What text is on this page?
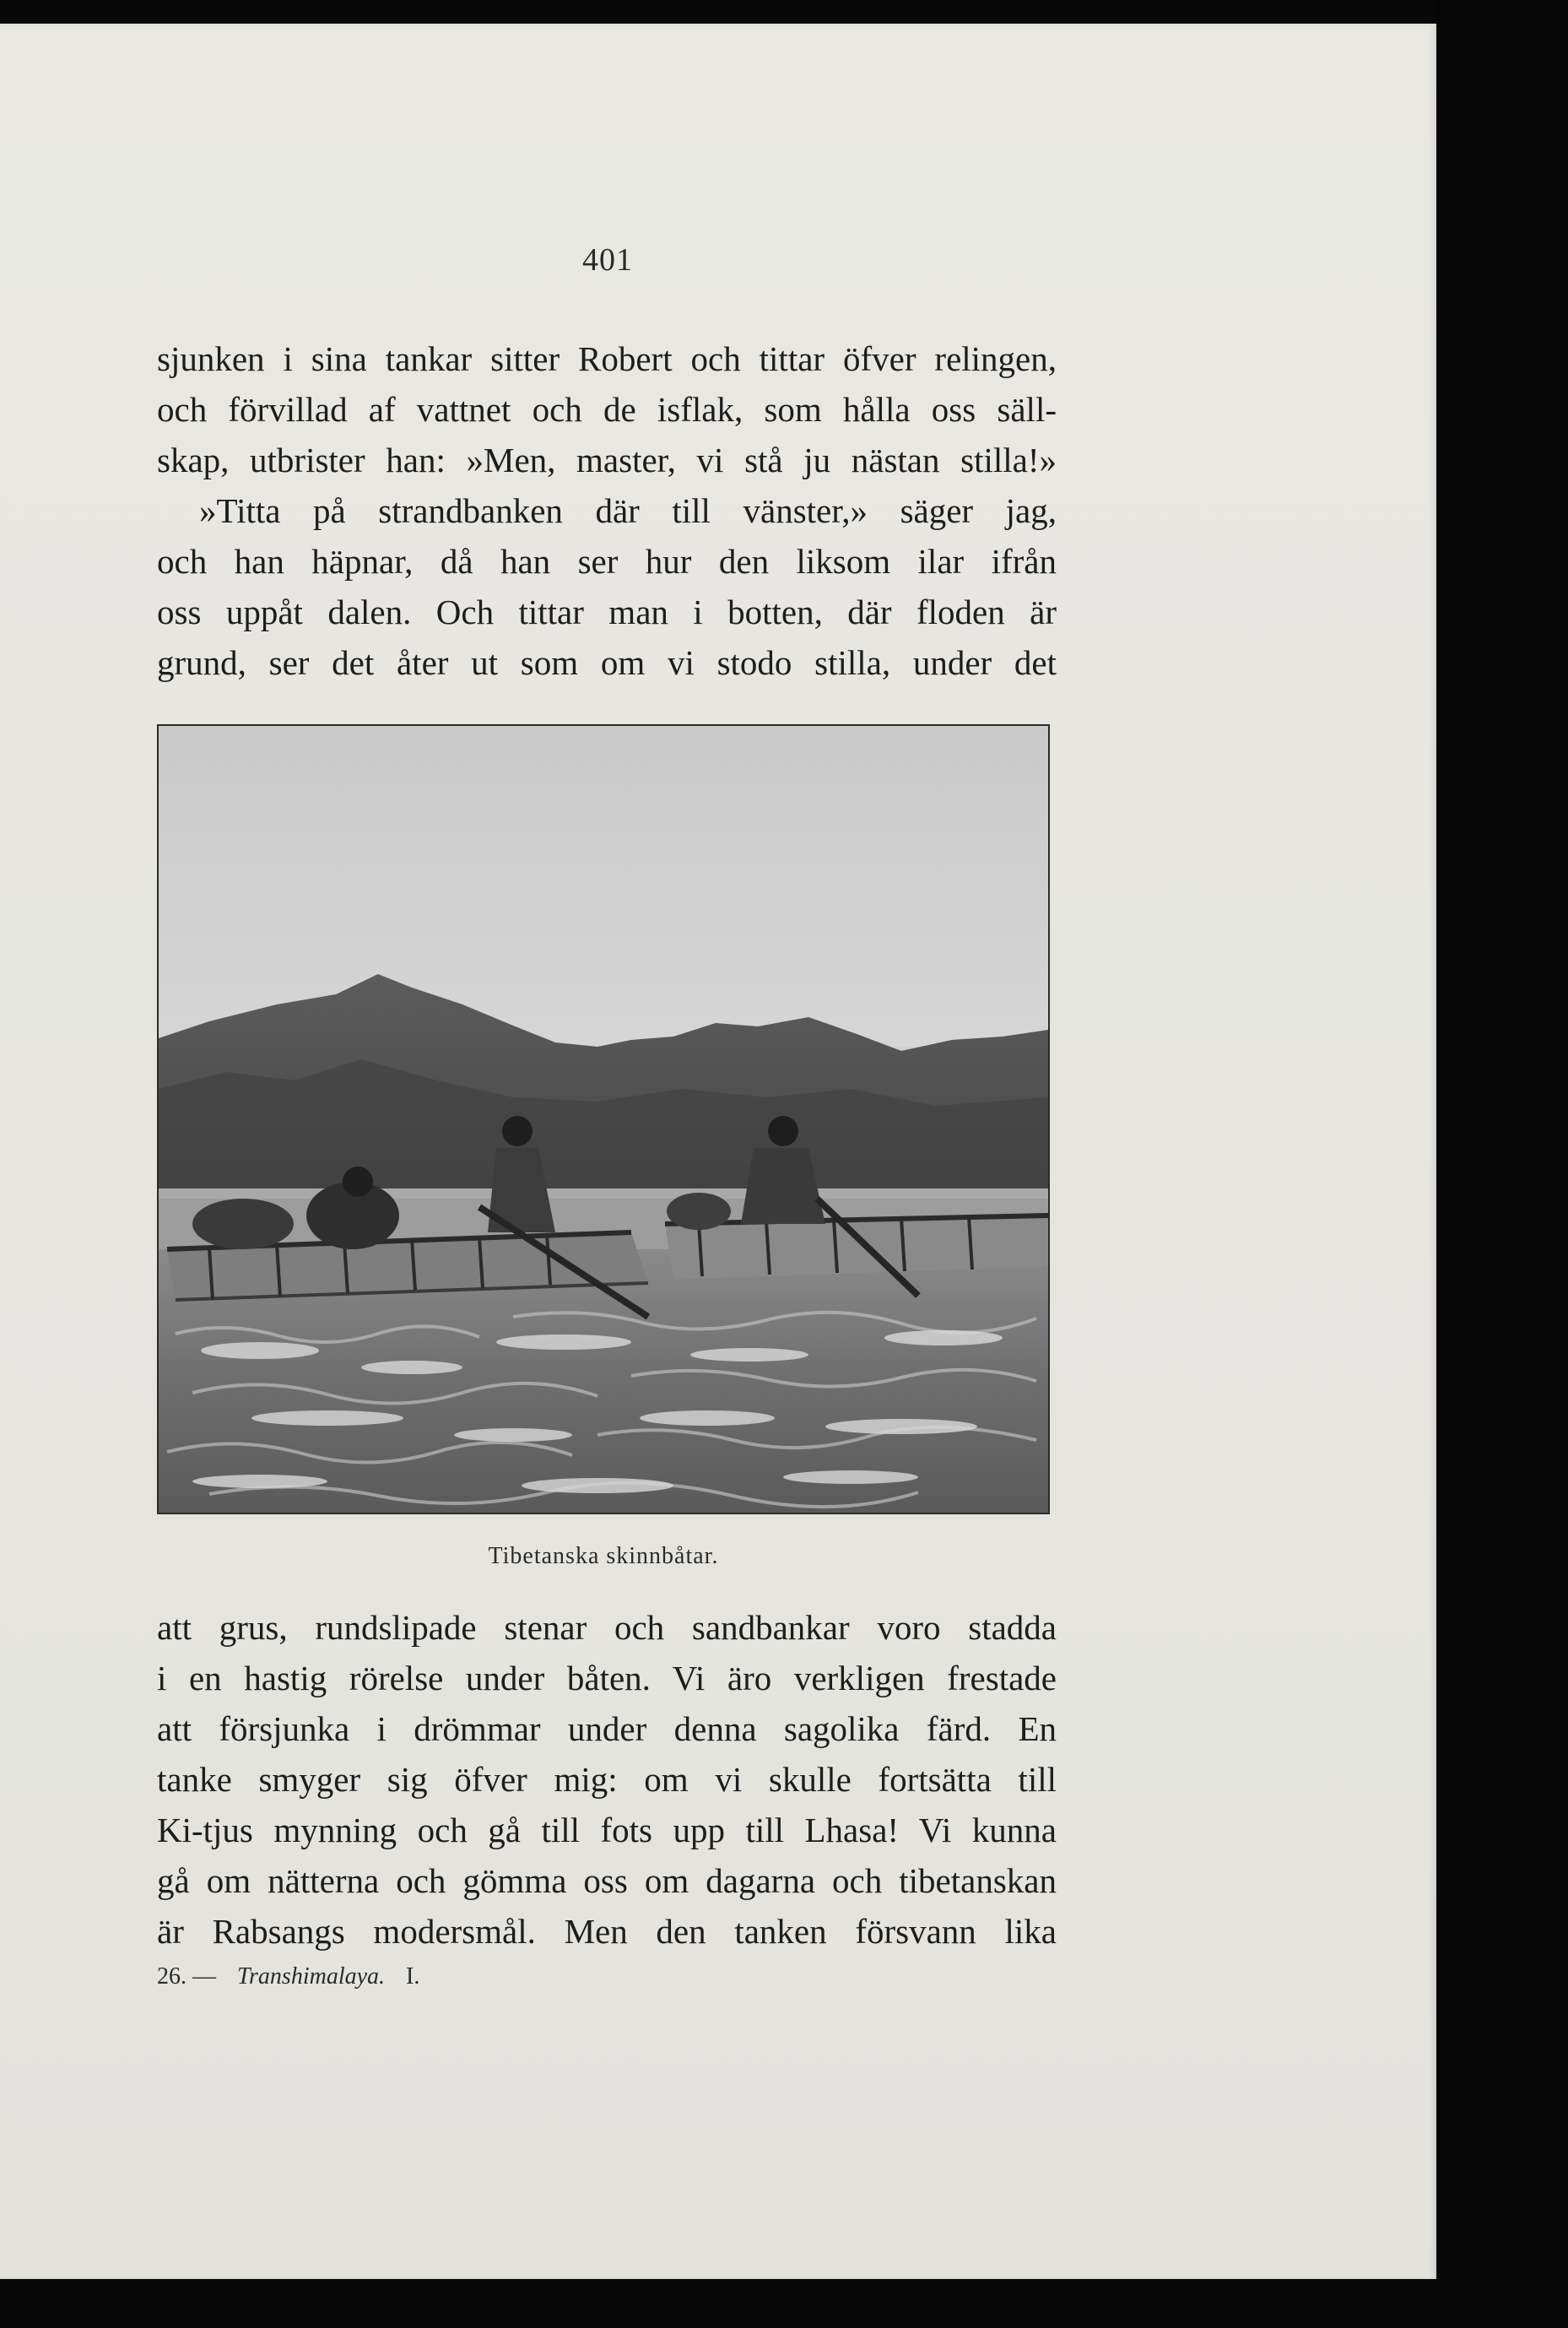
401

sjunken i sina tankar sitter Robert och tittar öfver relingen,
och förvillad af vattnet och de isflak, som hålla oss säll-
skap, utbrister han: »Men, master, vi stå ju nästan stilla!»
»Titta på strandbanken där till vänster,» säger jag,
och han häpnar, då han ser hur den liksom ilar ifrån
oss uppåt dalen. Och tittar man i botten, där floden är
grund, ser det åter ut som om vi stodo stilla, under det

Tibetanska skinnbåtar.

att grus, rundslipade stenar och sandbankar voro stadda
i en hastig rörelse under båten. Vi äro verkligen frestade
att försjunka i drömmar under denna sagolika färd. En
tanke smyger sig öfver mig: om vi skulle fortsätta till
Ki-tjus mynning och gå till fots upp till Lhasa! Vi kunna
gå om nätterna och gömma oss om dagarna och tibetanskan
är Rabsangs modersmål. Men den tanken försvann lika

26. — Transhimalaya. I.
